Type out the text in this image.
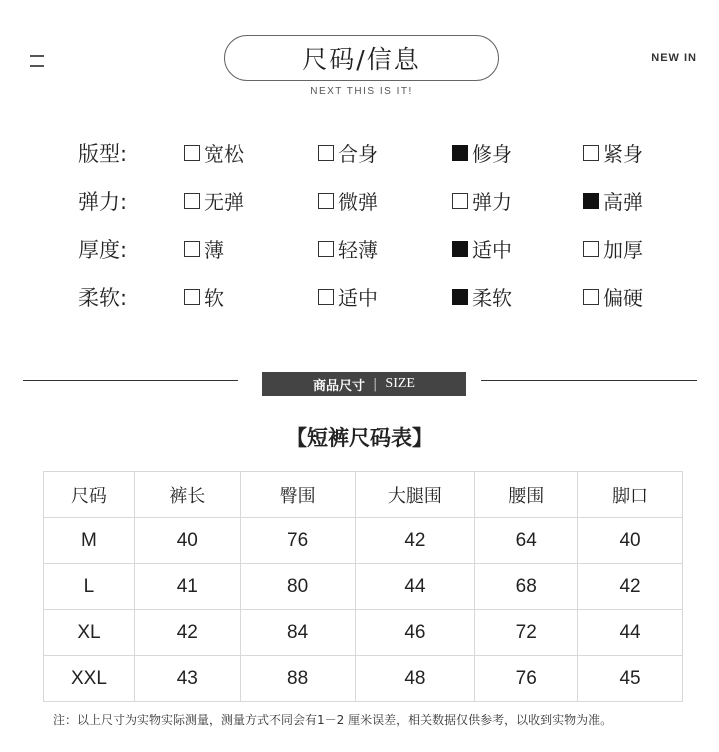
尺码/信息
NEXT THIS IS IT!
NEW IN
版型:	宽松	合身	修身	紧身
弹力:	无弹	微弹	弹力	高弹
厚度:	薄	轻薄	适中	加厚
柔软:	软	适中	柔软	偏硬
商品尺寸 | SIZE
【短裤尺码表】
尺码	裤长	臀围	大腿围	腰围	脚口
M	40	76	42	64	40
L	41	80	44	68	42
XL	42	84	46	72	44
XXL	43	88	48	76	45
注：以上尺寸为实物实际测量，测量方式不同会有1－2 厘米误差，相关数据仅供参考，以收到实物为准。
